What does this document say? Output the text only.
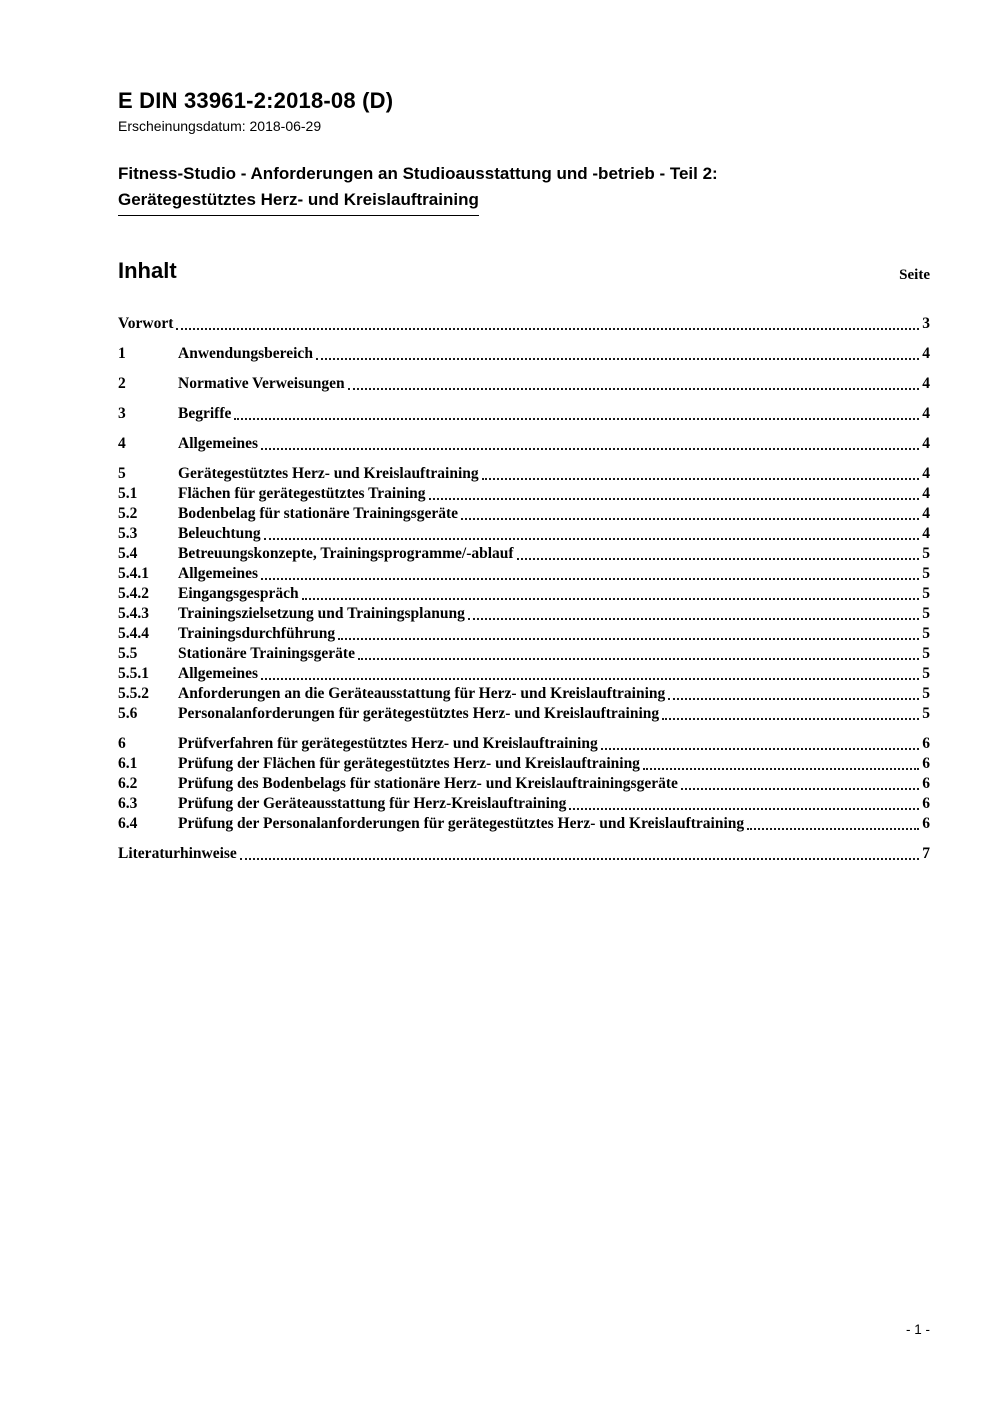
E DIN 33961-2:2018-08 (D)
Erscheinungsdatum: 2018-06-29
Fitness-Studio - Anforderungen an Studioausstattung und -betrieb - Teil 2:
Gerätegestütztes Herz- und Kreislauftraining
Inhalt	Seite
Vorwort	3
1	Anwendungsbereich	4
2	Normative Verweisungen	4
3	Begriffe	4
4	Allgemeines	4
5	Gerätegestütztes Herz- und Kreislauftraining	4
5.1	Flächen für gerätegestütztes Training	4
5.2	Bodenbelag für stationäre Trainingsgeräte	4
5.3	Beleuchtung	4
5.4	Betreuungskonzepte, Trainingsprogramme/-ablauf	5
5.4.1	Allgemeines	5
5.4.2	Eingangsgespräch	5
5.4.3	Trainingszielsetzung und Trainingsplanung	5
5.4.4	Trainingsdurchführung	5
5.5	Stationäre Trainingsgeräte	5
5.5.1	Allgemeines	5
5.5.2	Anforderungen an die Geräteausstattung für Herz- und Kreislauftraining	5
5.6	Personalanforderungen für gerätegestütztes Herz- und Kreislauftraining	5
6	Prüfverfahren für gerätegestütztes Herz- und Kreislauftraining	6
6.1	Prüfung der Flächen für gerätegestütztes Herz- und Kreislauftraining	6
6.2	Prüfung des Bodenbelags für stationäre Herz- und Kreislauftrainingsgeräte	6
6.3	Prüfung der Geräteausstattung für Herz-Kreislauftraining	6
6.4	Prüfung der Personalanforderungen für gerätegestütztes Herz- und Kreislauftraining	6
Literaturhinweise	7
- 1 -
